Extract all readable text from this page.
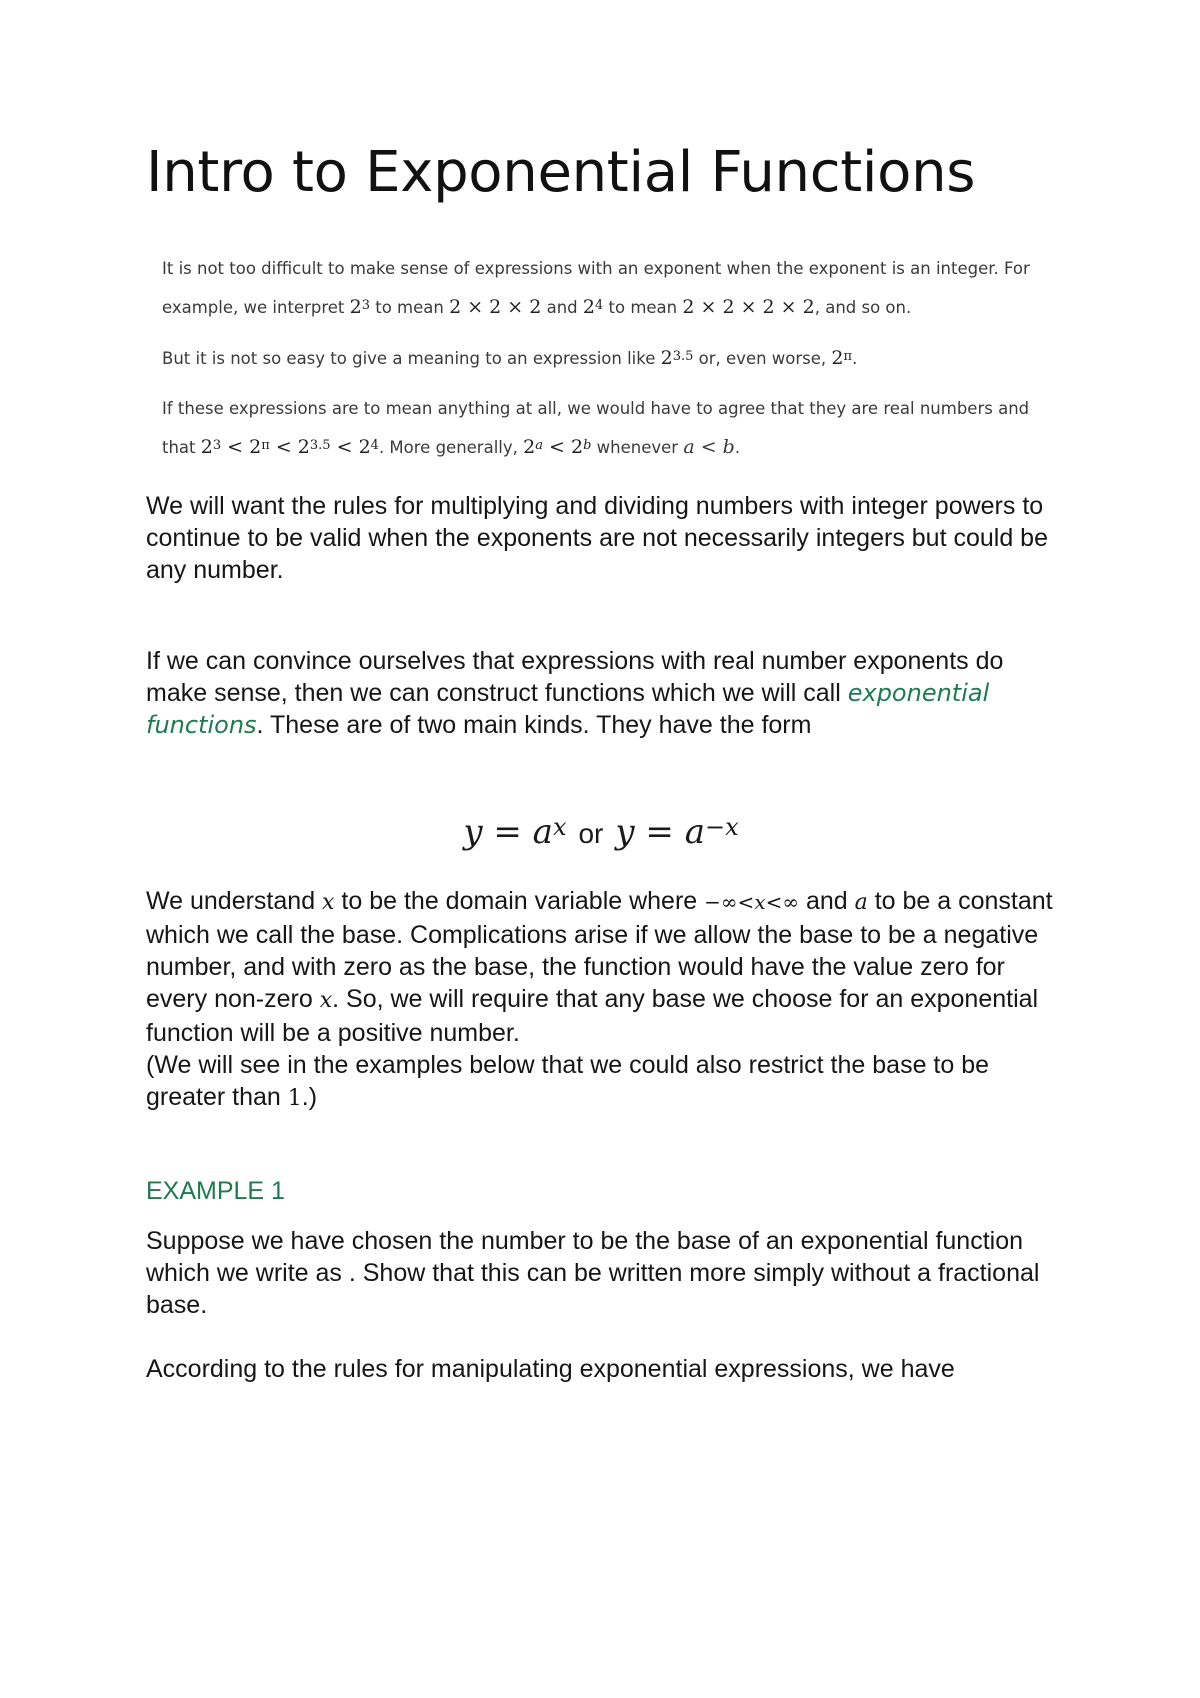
Intro to Exponential Functions

It is not too difficult to make sense of expressions with an exponent when the exponent is an integer. For example, we interpret $2^3$ to mean 2 × 2 × 2 and $2^4$ to mean 2 × 2 × 2 × 2, and so on.

But it is not so easy to give a meaning to an expression like $2^{3.5}$ or, even worse, $2^\pi$.

If these expressions are to mean anything at all, we would have to agree that they are real numbers and that $2^3 < 2^\pi < 2^{3.5} < 2^4$. More generally, $2^a < 2^b$ whenever a < b.

We will want the rules for multiplying and dividing numbers with integer powers to continue to be valid when the exponents are not necessarily integers but could be any number.

If we can convince ourselves that expressions with real number exponents do make sense, then we can construct functions which we will call exponential functions. These are of two main kinds. They have the form

$y = a^x$ or $y = a^{-x}$

We understand x to be the domain variable where −∞<x<∞ and a to be a constant which we call the base. Complications arise if we allow the base to be a negative number, and with zero as the base, the function would have the value zero for every non-zero x. So, we will require that any base we choose for an exponential function will be a positive number.

(We will see in the examples below that we could also restrict the base to be greater than 1.)

EXAMPLE 1

Suppose we have chosen the number to be the base of an exponential function which we write as . Show that this can be written more simply without a fractional base.

According to the rules for manipulating exponential expressions, we have
